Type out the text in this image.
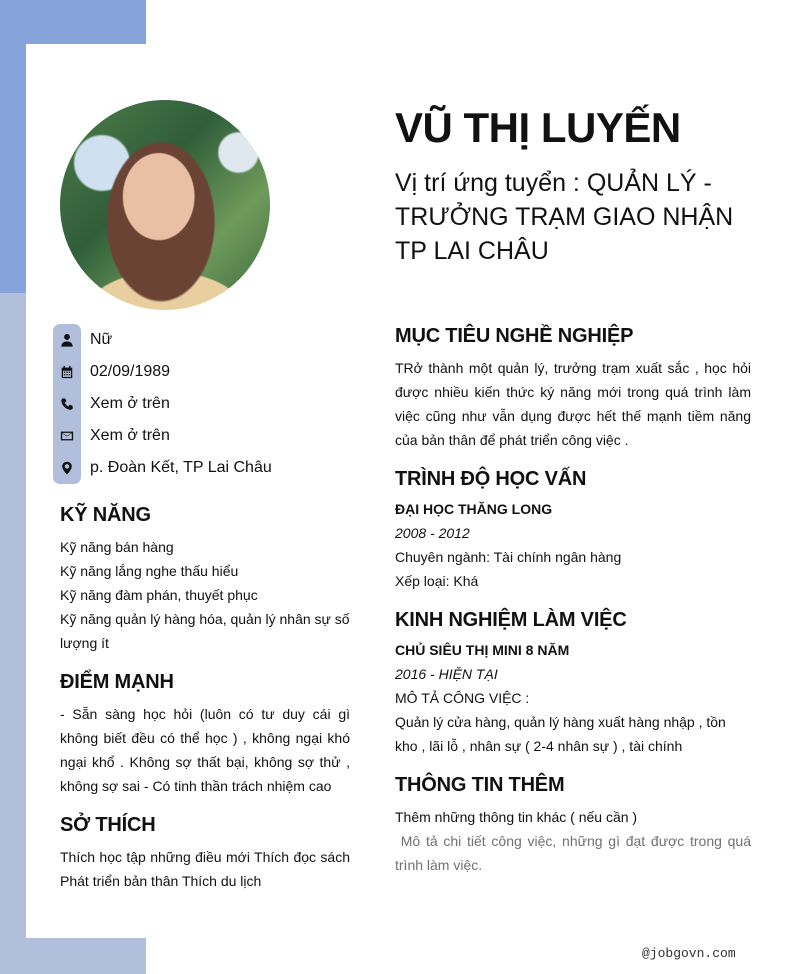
Nữ
02/09/1989
Xem ở trên
Xem ở trên
p. Đoàn Kết, TP Lai Châu
KỸ NĂNG
Kỹ năng bán hàng
Kỹ năng lắng nghe thấu hiểu
Kỹ năng đàm phán, thuyết phục
Kỹ năng quản lý hàng hóa, quản lý nhân sự số lượng ít
ĐIỂM MẠNH
- Sẵn sàng học hỏi (luôn có tư duy cái gì không biết đều có thể học ) , không ngại khó ngại khổ . Không sợ thất bại, không sợ thử , không sợ sai - Có tinh thần trách nhiệm cao
SỞ THÍCH
Thích học tập những điều mới Thích đọc sách Phát triển bản thân Thích du lịch
VŨ THỊ LUYẾN
Vị trí ứng tuyển : QUẢN LÝ - TRƯỞNG TRẠM GIAO NHẬN TP LAI CHÂU
MỤC TIÊU NGHỀ NGHIỆP
TRở thành một quản lý, trưởng trạm xuất sắc , học hỏi được nhiều kiến thức ký năng mới trong quá trình làm việc cũng như vẫn dụng được hết thế mạnh tiềm năng của bản thân để phát triển công việc .
TRÌNH ĐỘ HỌC VẤN
ĐẠI HỌC THĂNG LONG
2008 - 2012
Chuyên ngành: Tài chính ngân hàng
Xếp loại: Khá
KINH NGHIỆM LÀM VIỆC
CHỦ SIÊU THỊ MINI 8 NĂM
2016 - HIỆN TẠI
MÔ TẢ CÔNG VIỆC :
Quản lý cửa hàng, quản lý hàng xuất hàng nhập , tồn kho , lãi lỗ , nhân sự ( 2-4 nhân sự ) , tài chính
THÔNG TIN THÊM
Thêm những thông tin khác ( nếu cần )
Mô tả chi tiết công việc, những gì đạt được trong quá trình làm việc.
@jobgovn.com
